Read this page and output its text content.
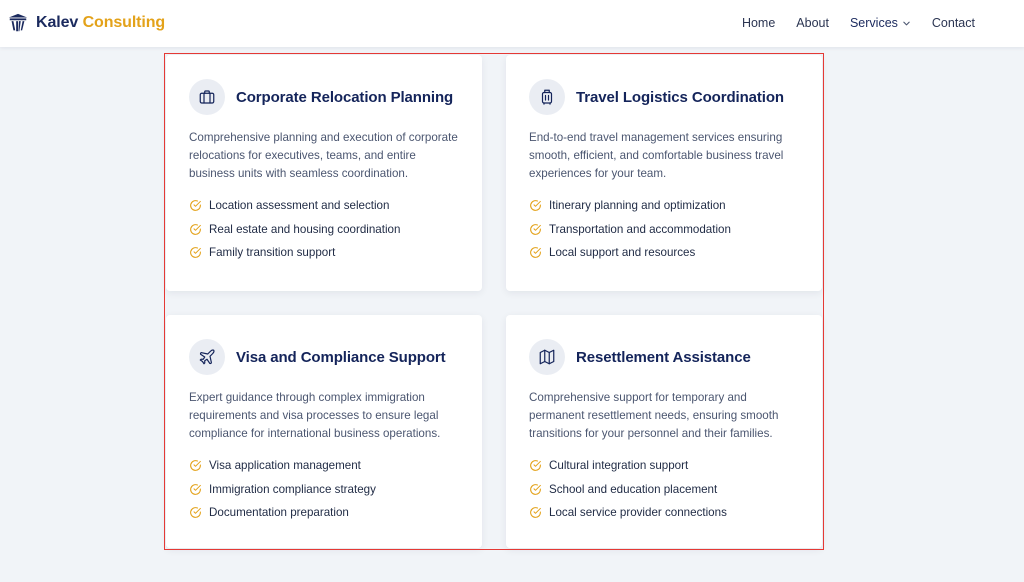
Kalev Consulting	Home About Services	Contact
Corporate Relocation Planning

Comprehensive planning and execution of corporate relocations for executives, teams, and entire business units with seamless coordination.

Location assessment and selection
Real estate and housing coordination
Family transition support
Travel Logistics Coordination

End-to-end travel management services ensuring smooth, efficient, and comfortable business travel experiences for your team.

Itinerary planning and optimization
Transportation and accommodation
Local support and resources
Visa and Compliance Support

Expert guidance through complex immigration requirements and visa processes to ensure legal compliance for international business operations.

Visa application management
Immigration compliance strategy
Documentation preparation
Resettlement Assistance

Comprehensive support for temporary and permanent resettlement needs, ensuring smooth transitions for your personnel and their families.

Cultural integration support
School and education placement
Local service provider connections
